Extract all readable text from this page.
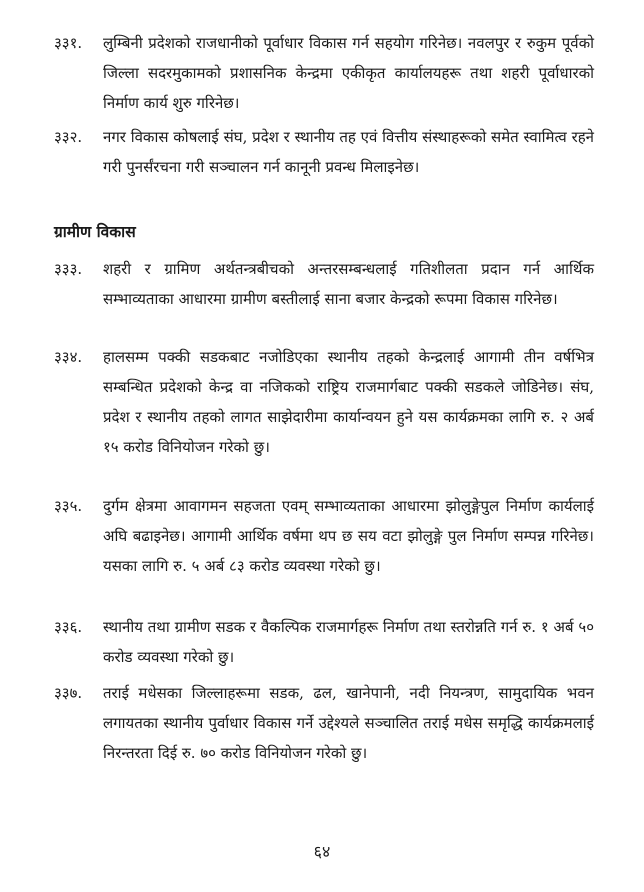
३३१.	लुम्बिनी प्रदेशको राजधानीको पूर्वाधार विकास गर्न सहयोग गरिनेछ। नवलपुर र रुकुम पूर्वको जिल्ला सदरमुकामको प्रशासनिक केन्द्रमा एकीकृत कार्यालयहरू तथा शहरी पूर्वाधारको निर्माण कार्य शुरु गरिनेछ।
३३२.	नगर विकास कोषलाई संघ, प्रदेश र स्थानीय तह एवं वित्तीय संस्थाहरूको समेत स्वामित्व रहने गरी पुनर्संरचना गरी सञ्चालन गर्न कानूनी प्रवन्ध मिलाइनेछ।
ग्रामीण विकास
३३३.	शहरी र ग्रामिण अर्थतन्त्रबीचको अन्तरसम्बन्धलाई गतिशीलता प्रदान गर्न आर्थिक सम्भाव्यताका आधारमा ग्रामीण बस्तीलाई साना बजार केन्द्रको रूपमा विकास गरिनेछ।
३३४.	हालसम्म पक्की सडकबाट नजोडिएका स्थानीय तहको केन्द्रलाई आगामी तीन वर्षभित्र सम्बन्धित प्रदेशको केन्द्र वा नजिकको राष्ट्रिय राजमार्गबाट पक्की सडकले जोडिनेछ। संघ, प्रदेश र स्थानीय तहको लागत साझेदारीमा कार्यान्वयन हुने यस कार्यक्रमका लागि रु. २ अर्ब १५ करोड विनियोजन गरेको छु।
३३५.	दुर्गम क्षेत्रमा आवागमन सहजता एवम् सम्भाव्यताका आधारमा झोलुङ्गेपुल निर्माण कार्यलाई अघि बढाइनेछ। आगामी आर्थिक वर्षमा थप छ सय वटा झोलुङ्गे पुल निर्माण सम्पन्न गरिनेछ। यसका लागि रु. ५ अर्ब ८३ करोड व्यवस्था गरेको छु।
३३६.	स्थानीय तथा ग्रामीण सडक र वैकल्पिक राजमार्गहरू निर्माण तथा स्तरोन्नति गर्न रु. १ अर्ब ५० करोड व्यवस्था गरेको छु।
३३७.	तराई मधेसका जिल्लाहरूमा सडक, ढल, खानेपानी, नदी नियन्त्रण, सामुदायिक भवन लगायतका स्थानीय पुर्वाधार विकास गर्ने उद्देश्यले सञ्चालित तराई मधेस समृद्धि कार्यक्रमलाई निरन्तरता दिई रु. ७० करोड विनियोजन गरेको छु।
६४
